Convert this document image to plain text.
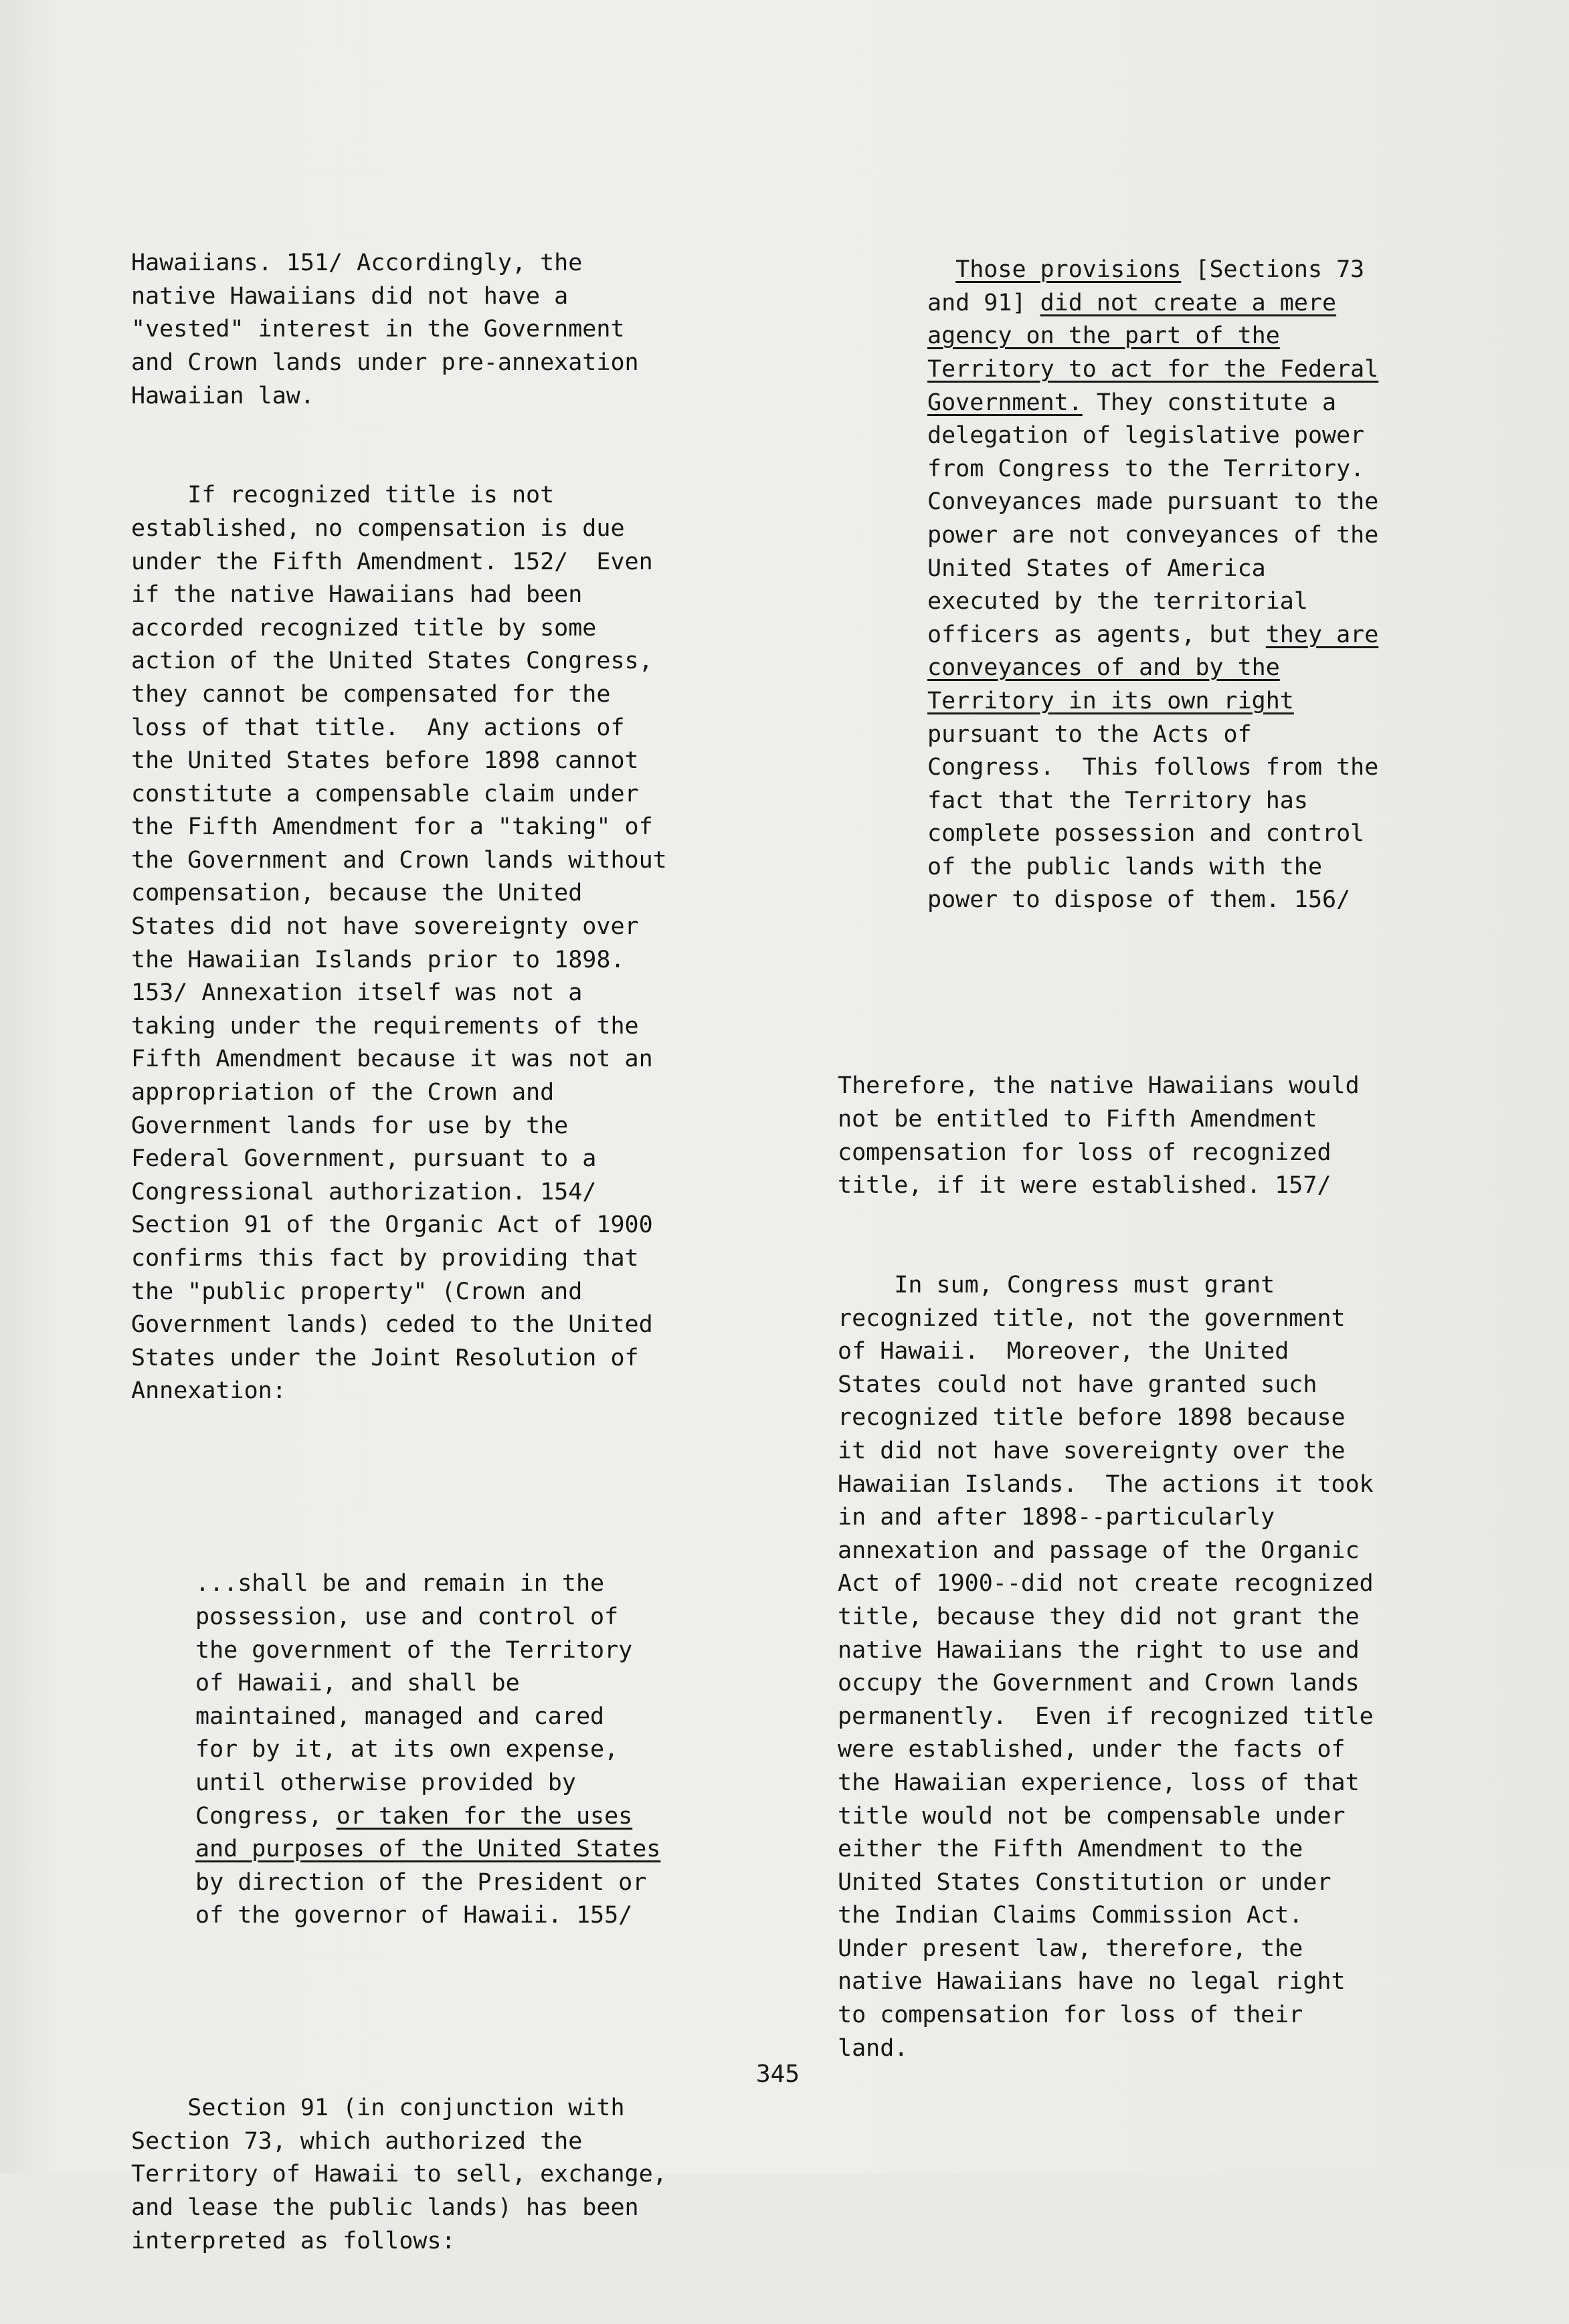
Hawaiians. 151/ Accordingly, the
native Hawaiians did not have a
"vested" interest in the Government
and Crown lands under pre-annexation
Hawaiian law.

If recognized title is not
established, no compensation is due
under the Fifth Amendment. 152/  Even
if the native Hawaiians had been
accorded recognized title by some
action of the United States Congress,
they cannot be compensated for the
loss of that title.  Any actions of
the United States before 1898 cannot
constitute a compensable claim under
the Fifth Amendment for a "taking" of
the Government and Crown lands without
compensation, because the United
States did not have sovereignty over
the Hawaiian Islands prior to 1898.
153/ Annexation itself was not a
taking under the requirements of the
Fifth Amendment because it was not an
appropriation of the Crown and
Government lands for use by the
Federal Government, pursuant to a
Congressional authorization. 154/
Section 91 of the Organic Act of 1900
confirms this fact by providing that
the "public property" (Crown and
Government lands) ceded to the United
States under the Joint Resolution of
Annexation:

...shall be and remain in the
possession, use and control of
the government of the Territory
of Hawaii, and shall be
maintained, managed and cared
for by it, at its own expense,
until otherwise provided by
Congress, or taken for the uses
and purposes of the United States
by direction of the President or
of the governor of Hawaii. 155/

Section 91 (in conjunction with
Section 73, which authorized the
Territory of Hawaii to sell, exchange,
and lease the public lands) has been
interpreted as follows:

Those provisions [Sections 73
and 91] did not create a mere
agency on the part of the
Territory to act for the Federal
Government. They constitute a
delegation of legislative power
from Congress to the Territory.
Conveyances made pursuant to the
power are not conveyances of the
United States of America
executed by the territorial
officers as agents, but they are
conveyances of and by the
Territory in its own right
pursuant to the Acts of
Congress.  This follows from the
fact that the Territory has
complete possession and control
of the public lands with the
power to dispose of them. 156/

Therefore, the native Hawaiians would
not be entitled to Fifth Amendment
compensation for loss of recognized
title, if it were established. 157/

In sum, Congress must grant
recognized title, not the government
of Hawaii.  Moreover, the United
States could not have granted such
recognized title before 1898 because
it did not have sovereignty over the
Hawaiian Islands.  The actions it took
in and after 1898--particularly
annexation and passage of the Organic
Act of 1900--did not create recognized
title, because they did not grant the
native Hawaiians the right to use and
occupy the Government and Crown lands
permanently.  Even if recognized title
were established, under the facts of
the Hawaiian experience, loss of that
title would not be compensable under
either the Fifth Amendment to the
United States Constitution or under
the Indian Claims Commission Act.
Under present law, therefore, the
native Hawaiians have no legal right
to compensation for loss of their
land.

345
